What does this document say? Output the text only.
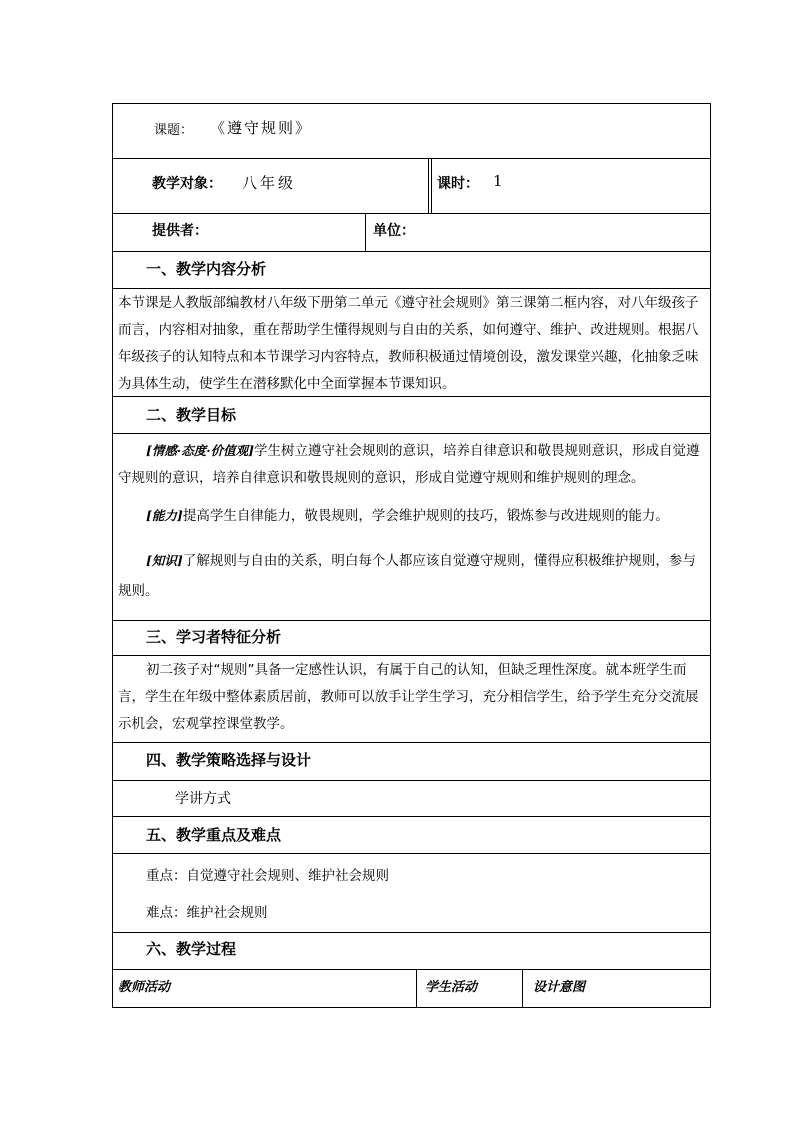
课题： 《遵守规则》
教学对象： 八年级	课时： 1
提供者：	单位：
一、教学内容分析
本节课是人教版部编教材八年级下册第二单元《遵守社会规则》第三课第二框内容，对八年级孩子而言，内容相对抽象，重在帮助学生懂得规则与自由的关系，如何遵守、维护、改进规则。根据八年级孩子的认知特点和本节课学习内容特点，教师积极通过情境创设，激发课堂兴趣，化抽象乏味为具体生动，使学生在潜移默化中全面掌握本节课知识。
二、教学目标
[情感·态度·价值观]学生树立遵守社会规则的意识，培养自律意识和敬畏规则意识，形成自觉遵守规则的意识，培养自律意识和敬畏规则的意识，形成自觉遵守规则和维护规则的理念。
[能力]提高学生自律能力，敬畏规则，学会维护规则的技巧，锻炼参与改进规则的能力。
[知识]了解规则与自由的关系，明白每个人都应该自觉遵守规则，懂得应积极维护规则，参与规则。
三、学习者特征分析
初二孩子对“规则”具备一定感性认识，有属于自己的认知，但缺乏理性深度。就本班学生而言，学生在年级中整体素质居前，教师可以放手让学生学习，充分相信学生，给予学生充分交流展示机会，宏观掌控课堂教学。
四、教学策略选择与设计
学讲方式
五、教学重点及难点
重点：自觉遵守社会规则、维护社会规则
难点：维护社会规则
六、教学过程
教师活动	学生活动	设计意图
